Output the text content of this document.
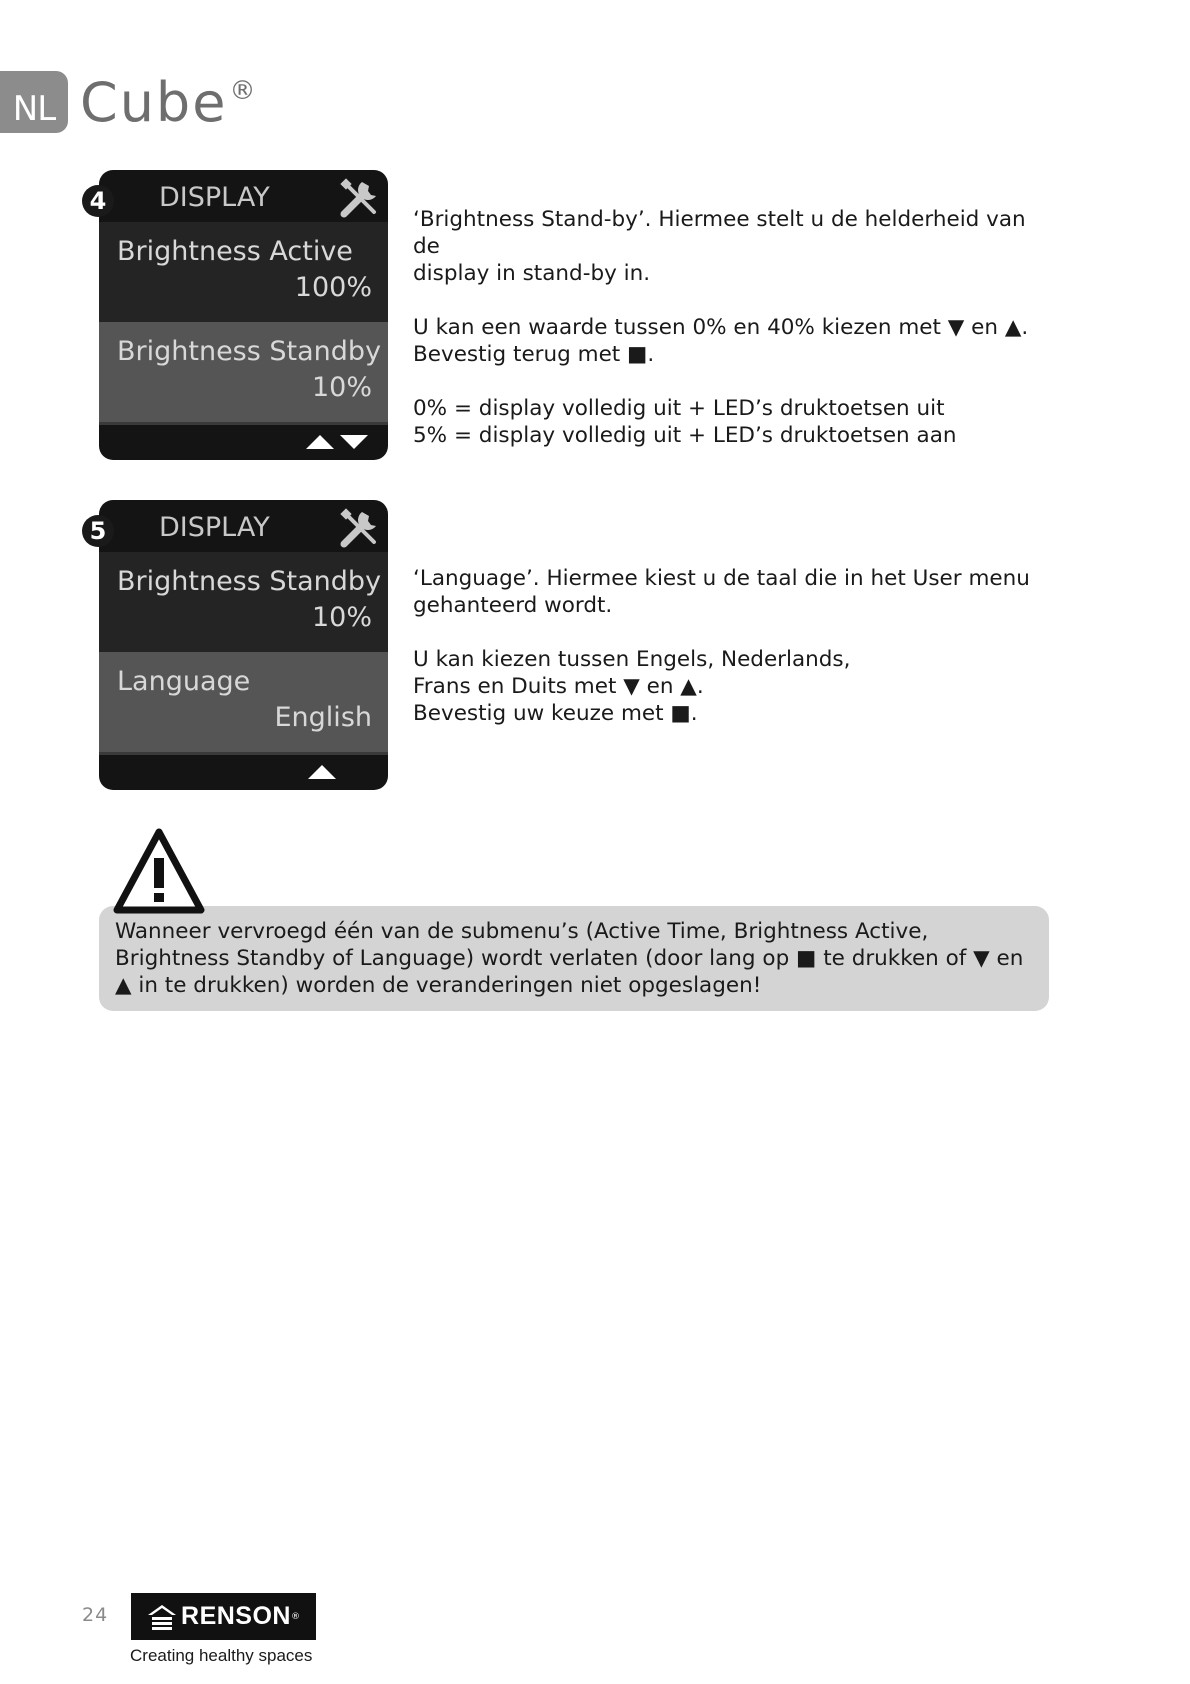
NL Cube®
4 DISPLAY
Brightness Active
100%
Brightness Standby
10%

‘Brightness Stand-by’. Hiermee stelt u de helderheid van de
display in stand-by in.

U kan een waarde tussen 0% en 40% kiezen met ▼ en ▲.
Bevestig terug met ■.

0% = display volledig uit + LED’s druktoetsen uit
5% = display volledig uit + LED’s druktoetsen aan

5 DISPLAY
Brightness Standby
10%
Language
English

‘Language’. Hiermee kiest u de taal die in het User menu
gehanteerd wordt.

U kan kiezen tussen Engels, Nederlands,
Frans en Duits met ▼ en ▲.
Bevestig uw keuze met ■.

Wanneer vervroegd één van de submenu’s (Active Time, Brightness Active, Brightness Standby of Language) wordt verlaten (door lang op ■ te drukken of ▼ en ▲ in te drukken) worden de veranderingen niet opgeslagen!

24	RENSON ®
Creating healthy spaces
